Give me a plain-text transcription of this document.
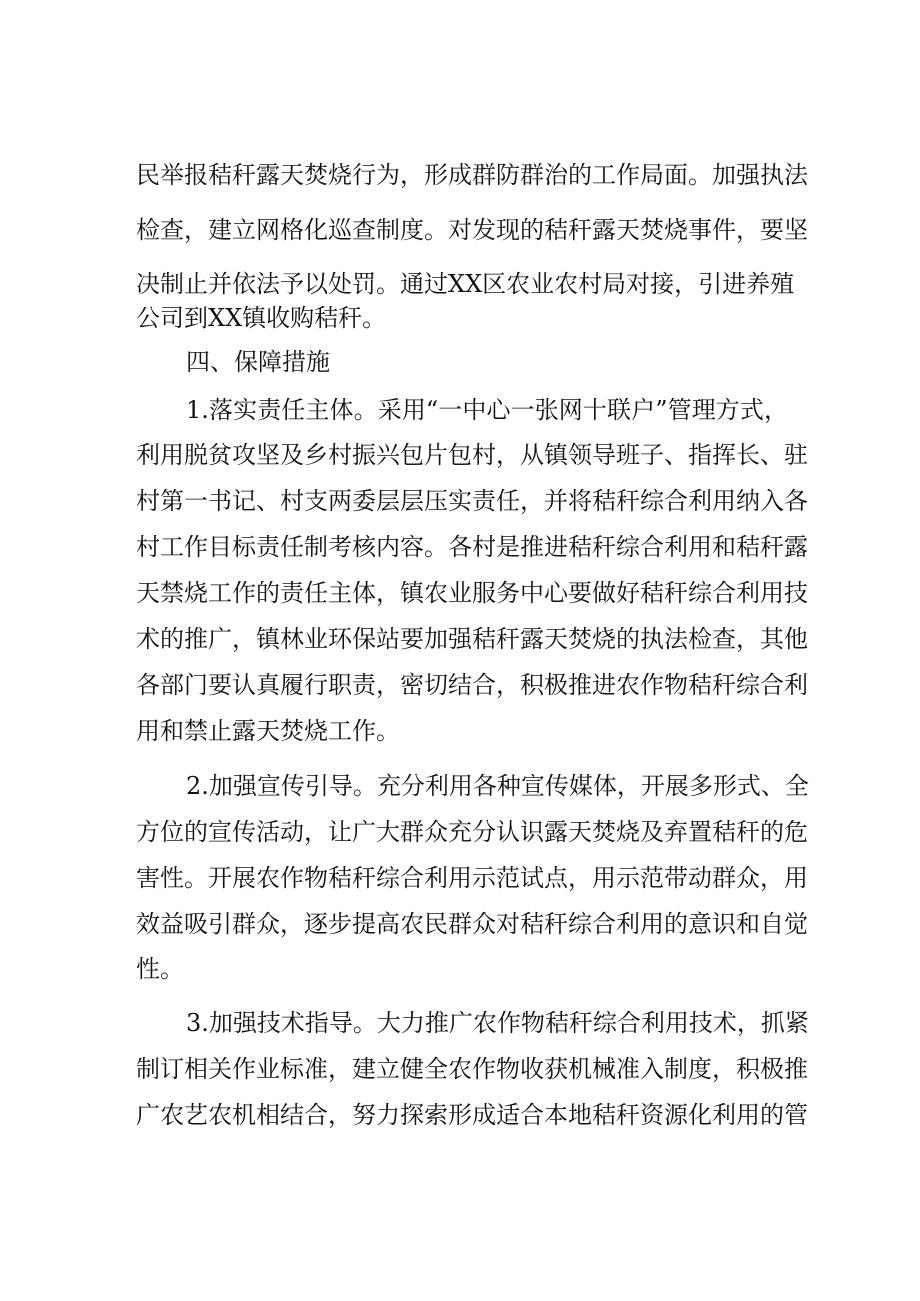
民举报秸秆露天焚烧行为，形成群防群治的工作局面。加强执法
检查，建立网格化巡查制度。对发现的秸秆露天焚烧事件，要坚
决制止并依法予以处罚。通过XX区农业农村局对接，引进养殖
公司到XX镇收购秸秆。
四、保障措施
1.落实责任主体。采用“一中心一张网十联户”管理方式，
利用脱贫攻坚及乡村振兴包片包村，从镇领导班子、指挥长、驻
村第一书记、村支两委层层压实责任，并将秸秆综合利用纳入各
村工作目标责任制考核内容。各村是推进秸秆综合利用和秸秆露
天禁烧工作的责任主体，镇农业服务中心要做好秸秆综合利用技
术的推广，镇林业环保站要加强秸秆露天焚烧的执法检查，其他
各部门要认真履行职责，密切结合，积极推进农作物秸秆综合利
用和禁止露天焚烧工作。
2.加强宣传引导。充分利用各种宣传媒体，开展多形式、全
方位的宣传活动，让广大群众充分认识露天焚烧及弃置秸秆的危
害性。开展农作物秸秆综合利用示范试点，用示范带动群众，用
效益吸引群众，逐步提高农民群众对秸秆综合利用的意识和自觉
性。
3.加强技术指导。大力推广农作物秸秆综合利用技术，抓紧
制订相关作业标准，建立健全农作物收获机械准入制度，积极推
广农艺农机相结合，努力探索形成适合本地秸秆资源化利用的管
